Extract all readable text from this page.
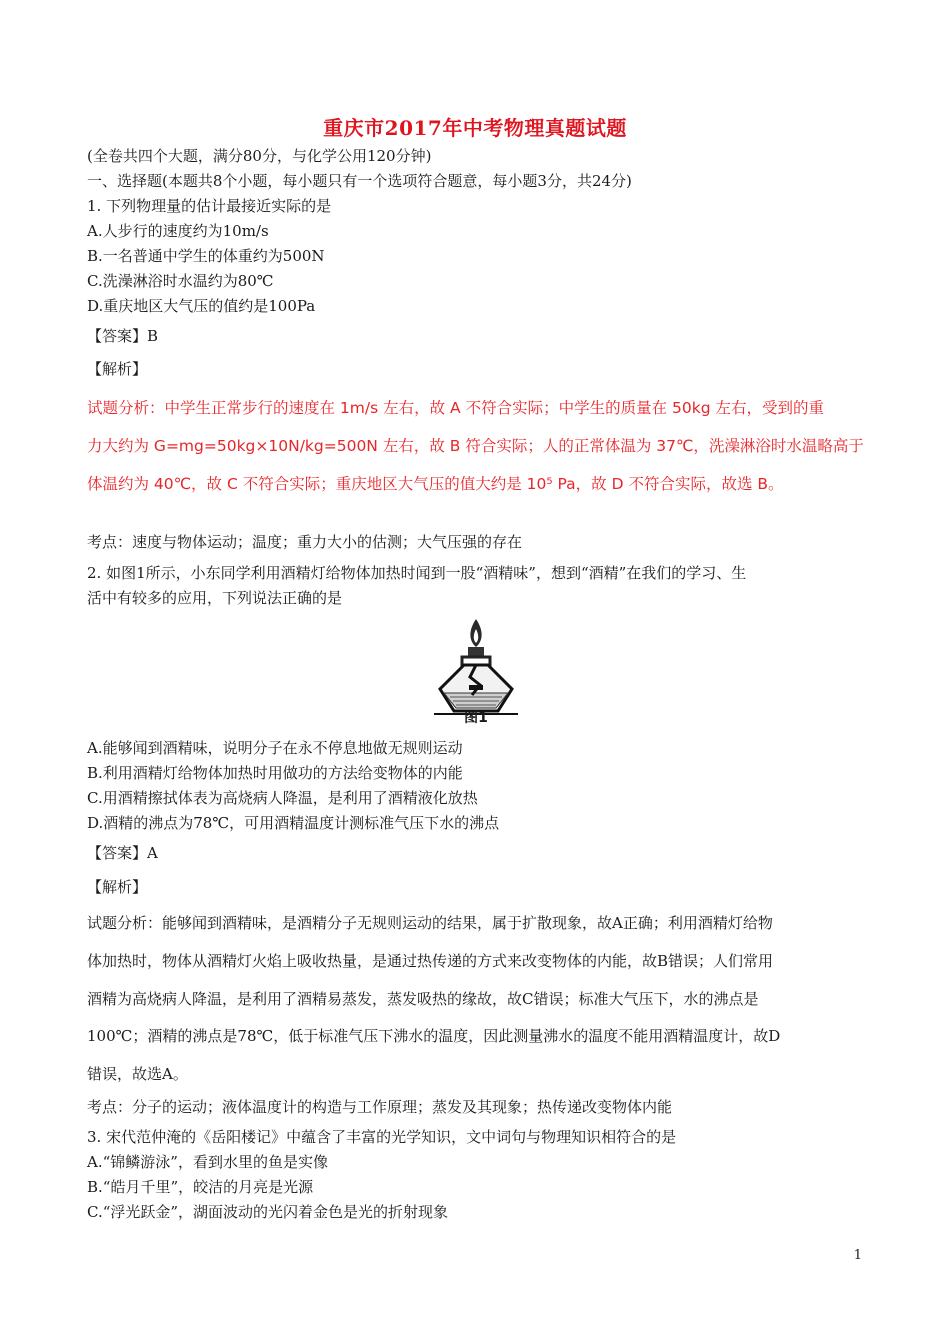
重庆市2017年中考物理真题试题
(全卷共四个大题，满分80分，与化学公用120分钟)
一、选择题(本题共8个小题，每小题只有一个选项符合题意，每小题3分，共24分)
1. 下列物理量的估计最接近实际的是
A.人步行的速度约为10m/s
B.一名普通中学生的体重约为500N
C.洗澡淋浴时水温约为80℃
D.重庆地区大气压的值约是100Pa
【答案】B
【解析】
试题分析：中学生正常步行的速度在 1m/s 左右，故 A 不符合实际；中学生的质量在 50kg 左右，受到的重
力大约为 G=mg=50kg×10N/kg=500N 左右，故 B 符合实际；人的正常体温为 37℃，洗澡淋浴时水温略高于
体温约为 40℃，故 C 不符合实际；重庆地区大气压的值大约是 10⁵ Pa，故 D 不符合实际，故选 B。
考点：速度与物体运动；温度；重力大小的估测；大气压强的存在
2. 如图1所示，小东同学利用酒精灯给物体加热时闻到一股“酒精味”，想到“酒精”在我们的学习、生
活中有较多的应用，下列说法正确的是
图1
A.能够闻到酒精味，说明分子在永不停息地做无规则运动
B.利用酒精灯给物体加热时用做功的方法给变物体的内能
C.用酒精擦拭体表为高烧病人降温，是利用了酒精液化放热
D.酒精的沸点为78℃，可用酒精温度计测标准气压下水的沸点
【答案】A
【解析】
试题分析：能够闻到酒精味，是酒精分子无规则运动的结果，属于扩散现象，故A正确；利用酒精灯给物
体加热时，物体从酒精灯火焰上吸收热量，是通过热传递的方式来改变物体的内能，故B错误；人们常用
酒精为高烧病人降温，是利用了酒精易蒸发，蒸发吸热的缘故，故C错误；标准大气压下，水的沸点是
100℃；酒精的沸点是78℃，低于标准气压下沸水的温度，因此测量沸水的温度不能用酒精温度计，故D
错误，故选A。
考点：分子的运动；液体温度计的构造与工作原理；蒸发及其现象；热传递改变物体内能
3. 宋代范仲淹的《岳阳楼记》中蕴含了丰富的光学知识，文中词句与物理知识相符合的是
A.“锦鳞游泳”，看到水里的鱼是实像
B.“皓月千里”，皎洁的月亮是光源
C.“浮光跃金”，湖面波动的光闪着金色是光的折射现象
1
